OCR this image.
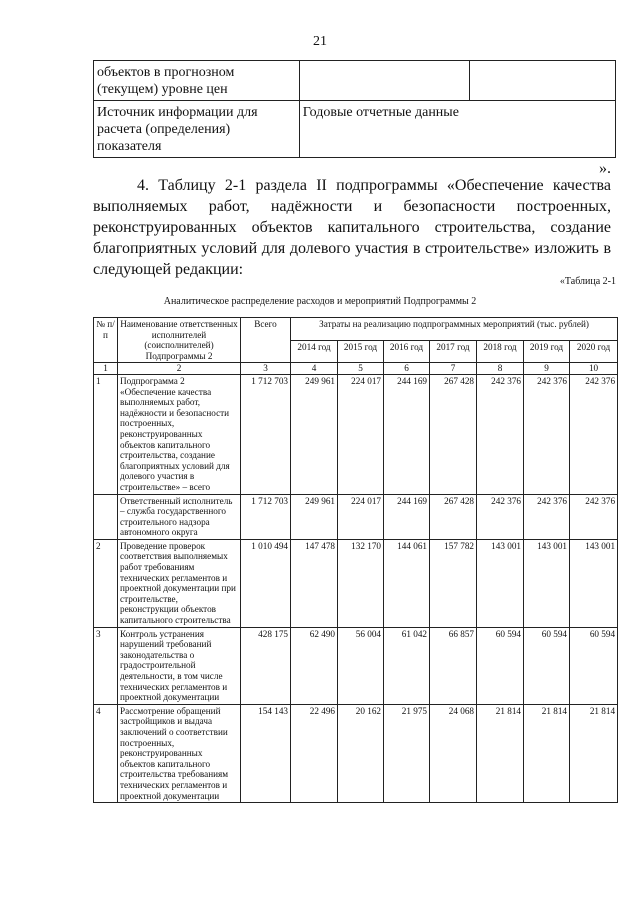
21
объектов в прогнозном (текущем) уровне цен		
Источник информации для расчета (определения) показателя	Годовые отчетные данные	
».

4. Таблицу 2-1 раздела II подпрограммы «Обеспечение качества выполняемых работ, надёжности и безопасности построенных, реконструированных объектов капитального строительства, создание благоприятных условий для долевого участия в строительстве» изложить в следующей редакции:

«Таблица 2-1
Аналитическое распределение расходов и мероприятий Подпрограммы 2
№ п/п	Наименование ответственных исполнителей (соисполнителей) Подпрограммы 2	Всего	Затраты на реализацию подпрограммных мероприятий (тыс. рублей)						
			2014 год	2015 год	2016 год	2017 год	2018 год	2019 год	2020 год
1	2	3	4	5	6	7	8	9	10
1	Подпрограмма 2 «Обеспечение качества выполняемых работ, надёжности и безопасности построенных, реконструированных объектов капитального строительства, создание благоприятных условий для долевого участия в строительстве» – всего	1 712 703	249 961	224 017	244 169	267 428	242 376	242 376	242 376
	Ответственный исполнитель – служба государственного строительного надзора автономного округа	1 712 703	249 961	224 017	244 169	267 428	242 376	242 376	242 376
2	Проведение проверок соответствия выполняемых работ требованиям технических регламентов и проектной документации при строительстве, реконструкции объектов капитального строительства	1 010 494	147 478	132 170	144 061	157 782	143 001	143 001	143 001
3	Контроль устранения нарушений требований законодательства о градостроительной деятельности, в том числе технических регламентов и проектной документации	428 175	62 490	56 004	61 042	66 857	60 594	60 594	60 594
4	Рассмотрение обращений застройщиков и выдача заключений о соответствии построенных, реконструированных объектов капитального строительства требованиям технических регламентов и проектной документации	154 143	22 496	20 162	21 975	24 068	21 814	21 814	21 814
